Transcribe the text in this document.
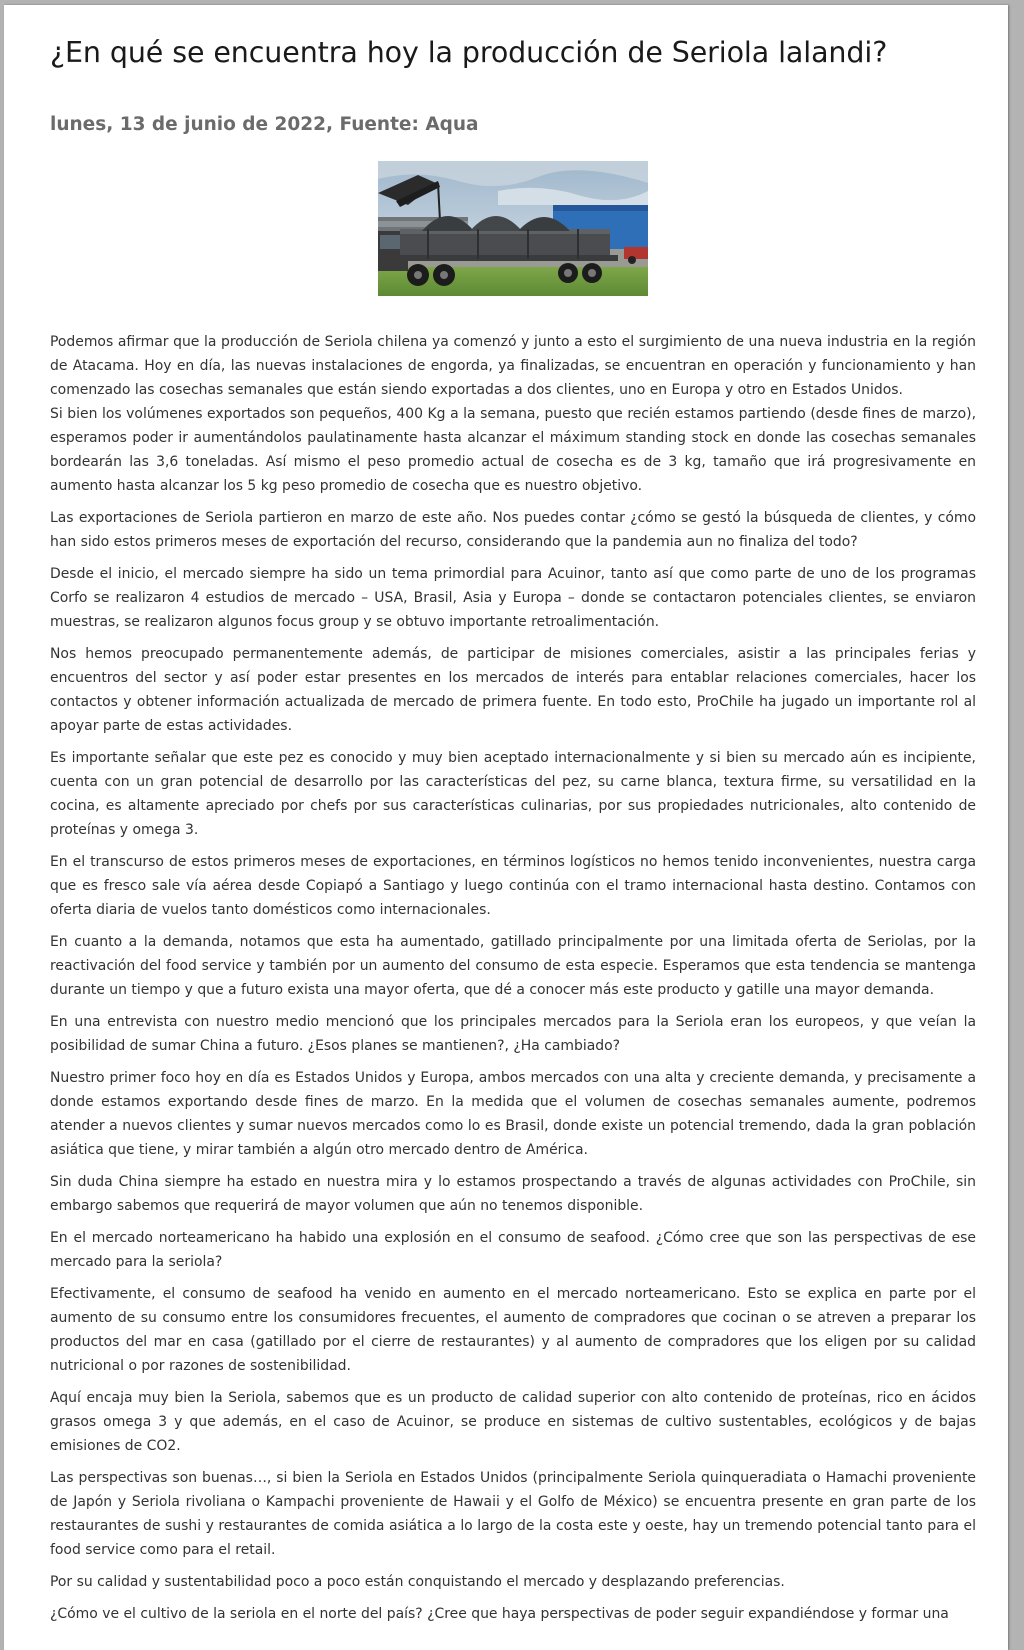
¿En qué se encuentra hoy la producción de Seriola lalandi?
lunes, 13 de junio de 2022, Fuente: Aqua

Podemos afirmar que la producción de Seriola chilena ya comenzó y junto a esto el surgimiento de una nueva industria en la región de Atacama. Hoy en día, las nuevas instalaciones de engorda, ya finalizadas, se encuentran en operación y funcionamiento y han comenzado las cosechas semanales que están siendo exportadas a dos clientes, uno en Europa y otro en Estados Unidos.

Si bien los volúmenes exportados son pequeños, 400 Kg a la semana, puesto que recién estamos partiendo (desde fines de marzo), esperamos poder ir aumentándolos paulatinamente hasta alcanzar el máximum standing stock en donde las cosechas semanales bordearán las 3,6 toneladas. Así mismo el peso promedio actual de cosecha es de 3 kg, tamaño que irá progresivamente en aumento hasta alcanzar los 5 kg peso promedio de cosecha que es nuestro objetivo.

Las exportaciones de Seriola partieron en marzo de este año. Nos puedes contar ¿cómo se gestó la búsqueda de clientes, y cómo han sido estos primeros meses de exportación del recurso, considerando que la pandemia aun no finaliza del todo?

Desde el inicio, el mercado siempre ha sido un tema primordial para Acuinor, tanto así que como parte de uno de los programas Corfo se realizaron 4 estudios de mercado – USA, Brasil, Asia y Europa – donde se contactaron potenciales clientes, se enviaron muestras, se realizaron algunos focus group y se obtuvo importante retroalimentación.

Nos hemos preocupado permanentemente además, de participar de misiones comerciales, asistir a las principales ferias y encuentros del sector y así poder estar presentes en los mercados de interés para entablar relaciones comerciales, hacer los contactos y obtener información actualizada de mercado de primera fuente. En todo esto, ProChile ha jugado un importante rol al apoyar parte de estas actividades.

Es importante señalar que este pez es conocido y muy bien aceptado internacionalmente y si bien su mercado aún es incipiente, cuenta con un gran potencial de desarrollo por las características del pez, su carne blanca, textura firme, su versatilidad en la cocina, es altamente apreciado por chefs por sus características culinarias, por sus propiedades nutricionales, alto contenido de proteínas y omega 3.

En el transcurso de estos primeros meses de exportaciones, en términos logísticos no hemos tenido inconvenientes, nuestra carga que es fresco sale vía aérea desde Copiapó a Santiago y luego continúa con el tramo internacional hasta destino. Contamos con oferta diaria de vuelos tanto domésticos como internacionales.

En cuanto a la demanda, notamos que esta ha aumentado, gatillado principalmente por una limitada oferta de Seriolas, por la reactivación del food service y también por un aumento del consumo de esta especie. Esperamos que esta tendencia se mantenga durante un tiempo y que a futuro exista una mayor oferta, que dé a conocer más este producto y gatille una mayor demanda.

En una entrevista con nuestro medio mencionó que los principales mercados para la Seriola eran los europeos, y que veían la posibilidad de sumar China a futuro. ¿Esos planes se mantienen?, ¿Ha cambiado?

Nuestro primer foco hoy en día es Estados Unidos y Europa, ambos mercados con una alta y creciente demanda, y precisamente a donde estamos exportando desde fines de marzo. En la medida que el volumen de cosechas semanales aumente, podremos atender a nuevos clientes y sumar nuevos mercados como lo es Brasil, donde existe un potencial tremendo, dada la gran población asiática que tiene, y mirar también a algún otro mercado dentro de América.

Sin duda China siempre ha estado en nuestra mira y lo estamos prospectando a través de algunas actividades con ProChile, sin embargo sabemos que requerirá de mayor volumen que aún no tenemos disponible.

En el mercado norteamericano ha habido una explosión en el consumo de seafood. ¿Cómo cree que son las perspectivas de ese mercado para la seriola?

Efectivamente, el consumo de seafood ha venido en aumento en el mercado norteamericano. Esto se explica en parte por el aumento de su consumo entre los consumidores frecuentes, el aumento de compradores que cocinan o se atreven a preparar los productos del mar en casa (gatillado por el cierre de restaurantes) y al aumento de compradores que los eligen por su calidad nutricional o por razones de sostenibilidad.

Aquí encaja muy bien la Seriola, sabemos que es un producto de calidad superior con alto contenido de proteínas, rico en ácidos grasos omega 3 y que además, en el caso de Acuinor, se produce en sistemas de cultivo sustentables, ecológicos y de bajas emisiones de CO2.

Las perspectivas son buenas…, si bien la Seriola en Estados Unidos (principalmente Seriola quinqueradiata o Hamachi proveniente de Japón y Seriola rivoliana o Kampachi proveniente de Hawaii y el Golfo de México) se encuentra presente en gran parte de los restaurantes de sushi y restaurantes de comida asiática a lo largo de la costa este y oeste, hay un tremendo potencial tanto para el food service como para el retail.

Por su calidad y sustentabilidad poco a poco están conquistando el mercado y desplazando preferencias.

¿Cómo ve el cultivo de la seriola en el norte del país? ¿Cree que haya perspectivas de poder seguir expandiéndose y formar una
